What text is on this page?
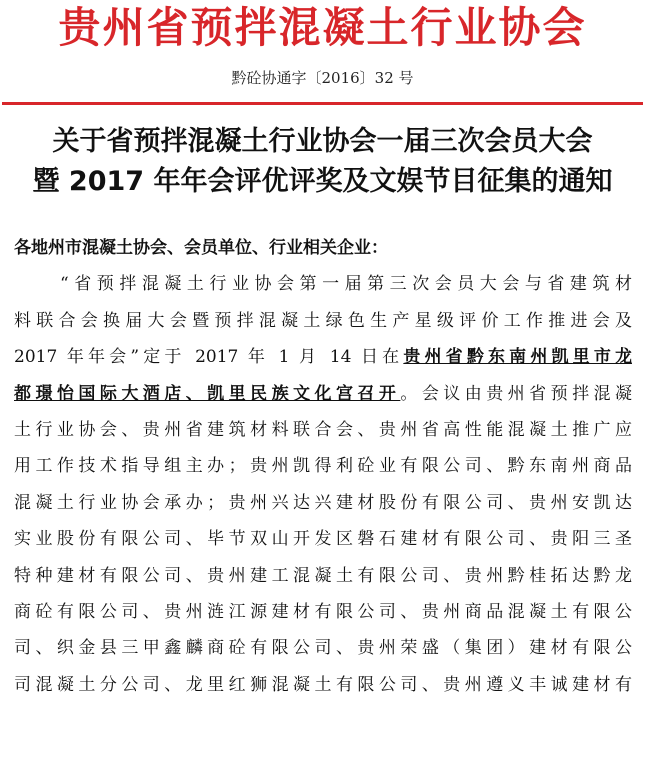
贵州省预拌混凝土行业协会
黔砼协通字〔2016〕32 号
关于省预拌混凝土行业协会一届三次会员大会
暨 2017 年年会评优评奖及文娱节目征集的通知
各地州市混凝土协会、会员单位、行业相关企业：
“省预拌混凝土行业协会第一届第三次会员大会与省建筑材
料联合会换届大会暨预拌混凝土绿色生产星级评价工作推进会及
2017 年年会”定于 2017 年 1 月 14 日在贵州省黔东南州凯里市龙
都璟怡国际大酒店、凯里民族文化宫召开。会议由贵州省预拌混凝
土行业协会、贵州省建筑材料联合会、贵州省高性能混凝土推广应
用工作技术指导组主办；贵州凯得利砼业有限公司、黔东南州商品
混凝土行业协会承办；贵州兴达兴建材股份有限公司、贵州安凯达
实业股份有限公司、毕节双山开发区磐石建材有限公司、贵阳三圣
特种建材有限公司、贵州建工混凝土有限公司、贵州黔桂拓达黔龙
商砼有限公司、贵州涟江源建材有限公司、贵州商品混凝土有限公
司、织金县三甲鑫麟商砼有限公司、贵州荣盛（集团）建材有限公
司混凝土分公司、龙里红狮混凝土有限公司、贵州遵义丰诚建材有
